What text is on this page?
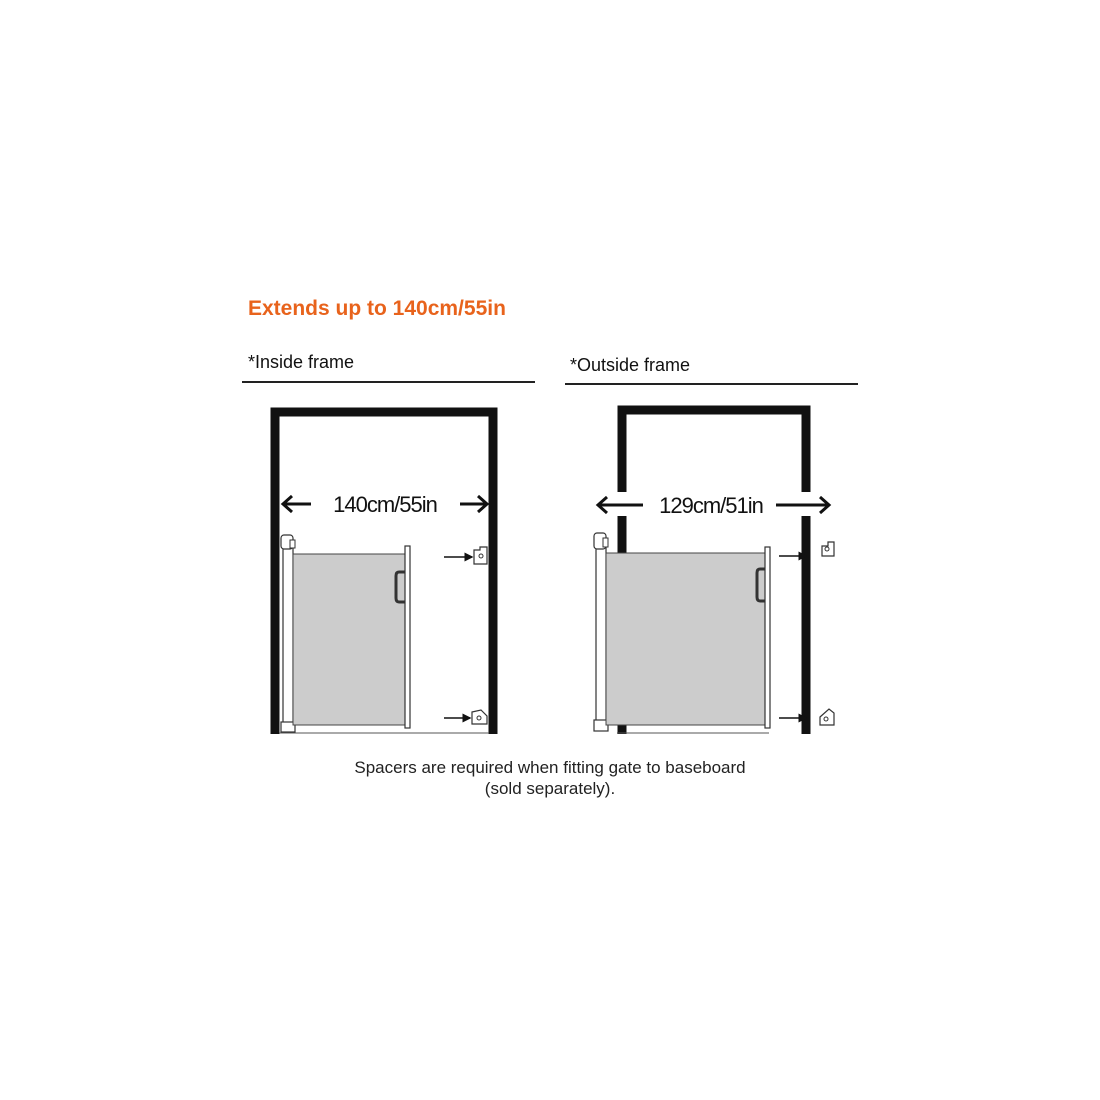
Extends up to 140cm/55in
*Inside frame	*Outside frame
140cm/55in	129cm/51in
Spacers are required when fitting gate to baseboard
(sold separately).
